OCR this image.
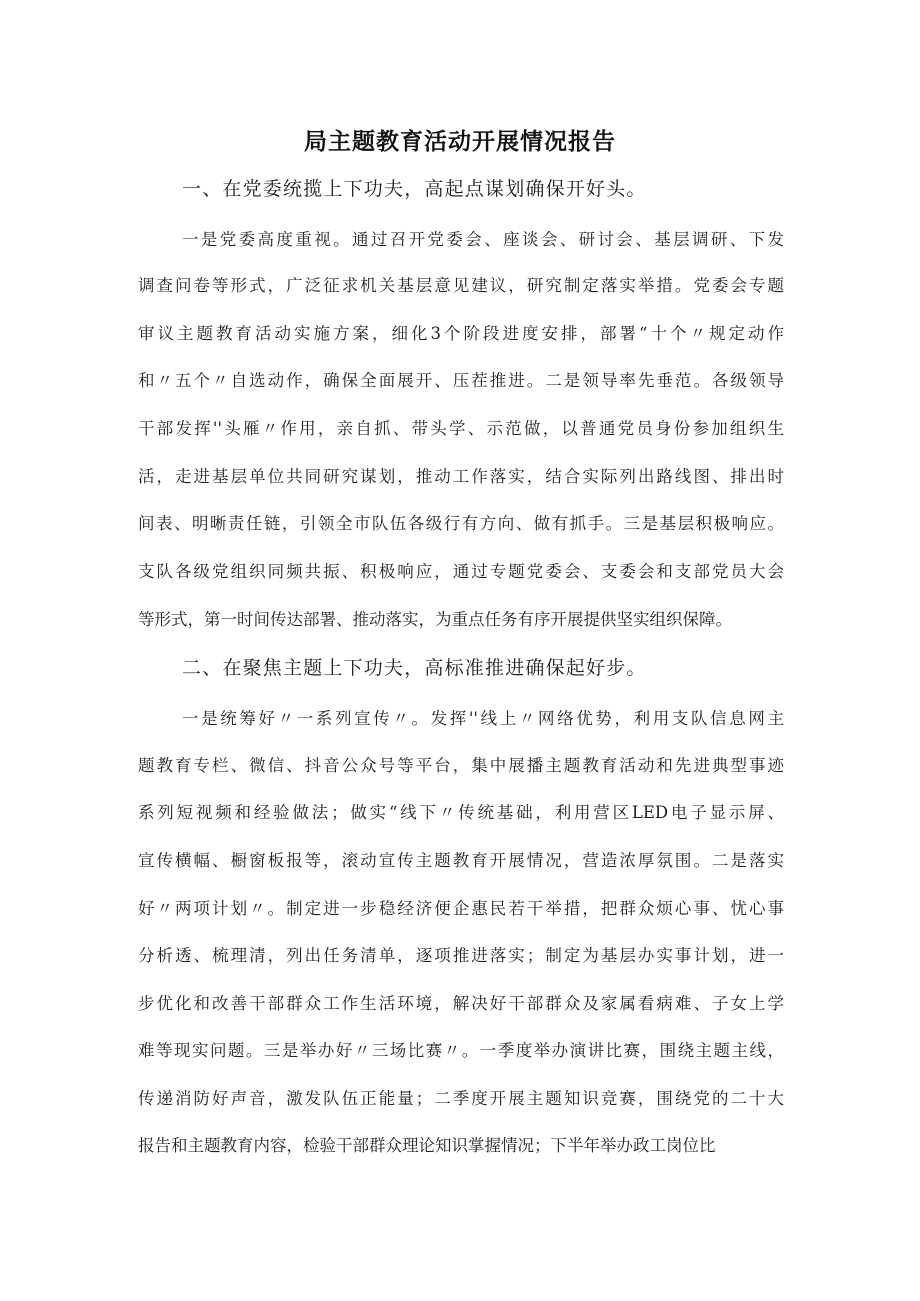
局主题教育活动开展情况报告
一、在党委统揽上下功夫，高起点谋划确保开好头。
一是党委高度重视。通过召开党委会、座谈会、研讨会、基层调研、下发
调查问卷等形式，广泛征求机关基层意见建议，研究制定落实举措。党委会专题
审议主题教育活动实施方案，细化3个阶段进度安排，部署“十个〃规定动作
和〃五个〃自选动作，确保全面展开、压茬推进。二是领导率先垂范。各级领导
干部发挥''头雁〃作用，亲自抓、带头学、示范做，以普通党员身份参加组织生
活，走进基层单位共同研究谋划，推动工作落实，结合实际列出路线图、排出时
间表、明晰责任链，引领全市队伍各级行有方向、做有抓手。三是基层积极响应。
支队各级党组织同频共振、积极响应，通过专题党委会、支委会和支部党员大会
等形式，第一时间传达部署、推动落实，为重点任务有序开展提供坚实组织保障。
二、在聚焦主题上下功夫，高标准推进确保起好步。
一是统筹好〃一系列宣传〃。发挥''线上〃网络优势，利用支队信息网主
题教育专栏、微信、抖音公众号等平台，集中展播主题教育活动和先进典型事迹
系列短视频和经验做法；做实“线下〃传统基础，利用营区LED电子显示屏、
宣传横幅、橱窗板报等，滚动宣传主题教育开展情况，营造浓厚氛围。二是落实
好〃两项计划〃。制定进一步稳经济便企惠民若干举措，把群众烦心事、忧心事
分析透、梳理清，列出任务清单，逐项推进落实；制定为基层办实事计划，进一
步优化和改善干部群众工作生活环境，解决好干部群众及家属看病难、子女上学
难等现实问题。三是举办好〃三场比赛〃。一季度举办演讲比赛，围绕主题主线，
传递消防好声音，激发队伍正能量；二季度开展主题知识竞赛，围绕党的二十大
报告和主题教育内容，检验干部群众理论知识掌握情况；下半年举办政工岗位比
